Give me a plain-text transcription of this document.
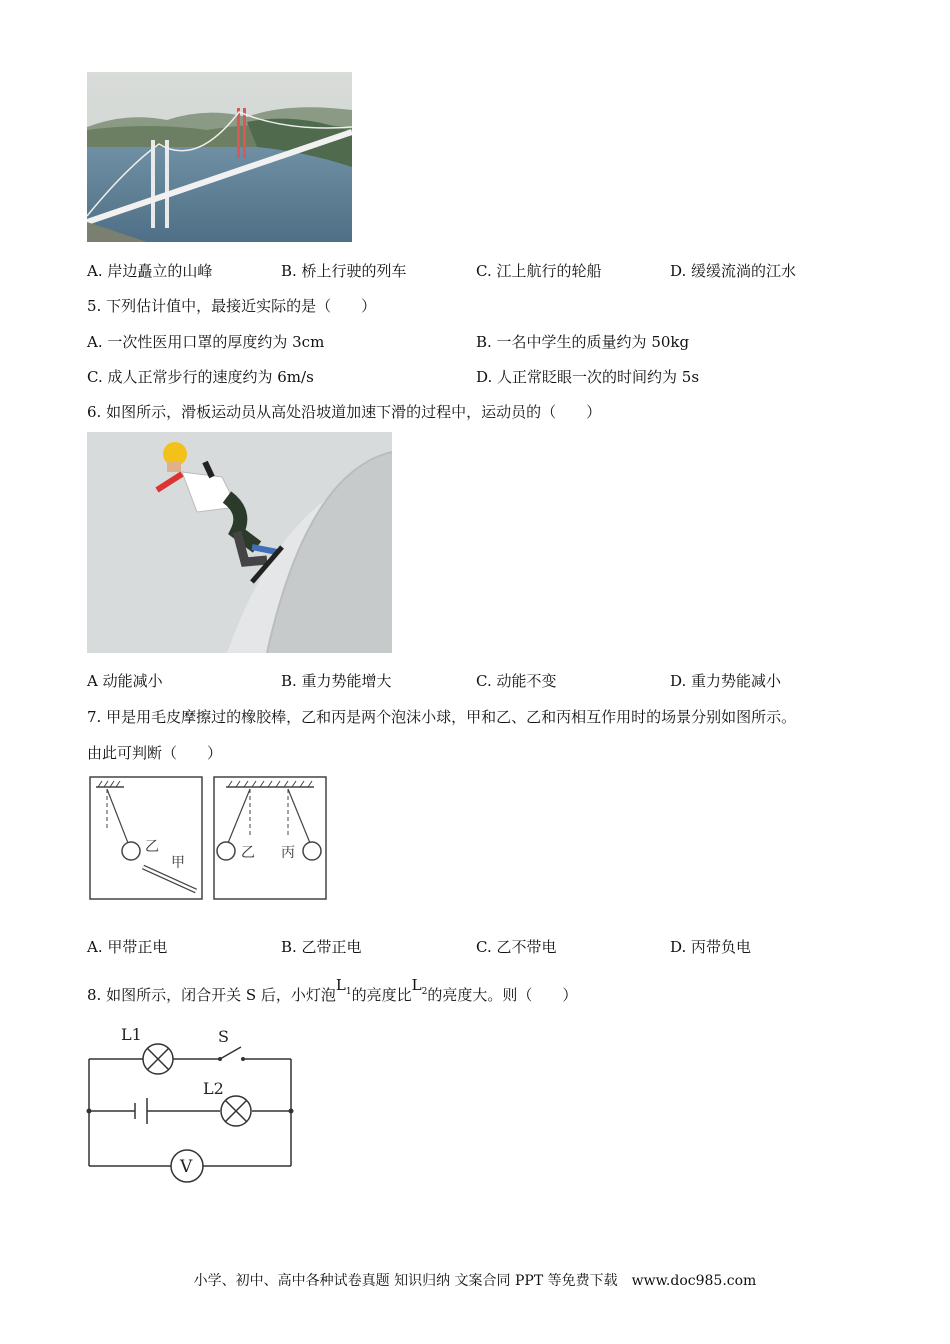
A. 岸边矗立的山峰	B. 桥上行驶的列车	C. 江上航行的轮船	D. 缓缓流淌的江水
5. 下列估计值中，最接近实际的是（　　）
A. 一次性医用口罩的厚度约为 3cm	B. 一名中学生的质量约为 50kg
C. 成人正常步行的速度约为 6m/s	D. 人正常眨眼一次的时间约为 5s
6. 如图所示，滑板运动员从高处沿坡道加速下滑的过程中，运动员的（　　）
A 动能减小	B. 重力势能增大	C. 动能不变	D. 重力势能减小
7. 甲是用毛皮摩擦过的橡胶棒，乙和丙是两个泡沫小球，甲和乙、乙和丙相互作用时的场景分别如图所示。
由此可判断（　　）
乙
甲
乙 丙
A. 甲带正电	B. 乙带正电	C. 乙不带电	D. 丙带负电
8. 如图所示，闭合开关 S 后，小灯泡$L_1$的亮度比$L_2$的亮度大。则（　　）
V
L1	S
L2
小学、初中、高中各种试卷真题 知识归纳 文案合同 PPT 等免费下载　www.doc985.com
